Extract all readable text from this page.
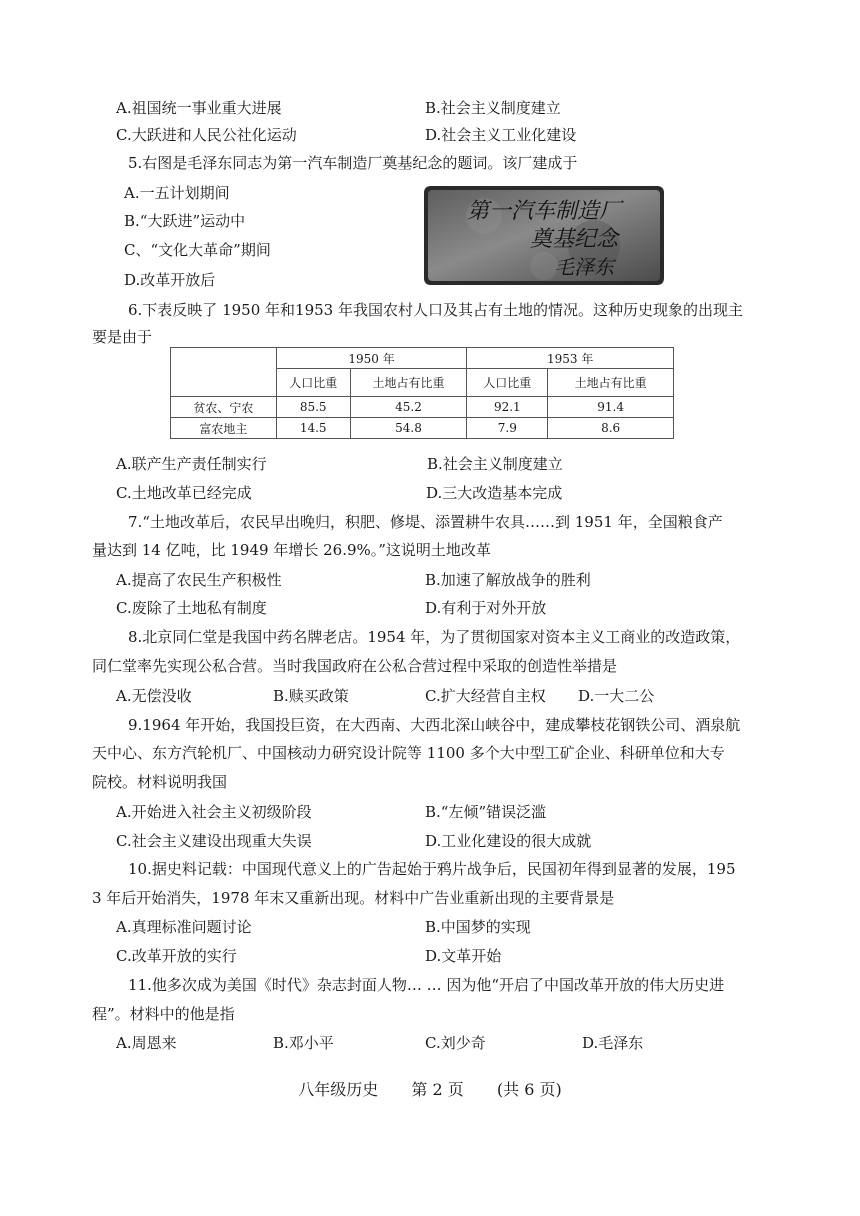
A.祖国统一事业重大进展	B.社会主义制度建立
C.大跃进和人民公社化运动	D.社会主义工业化建设
5.右图是毛泽东同志为第一汽车制造厂奠基纪念的题词。该厂建成于
A.一五计划期间
B.“大跃进”运动中
C、“文化大革命”期间
D.改革开放后
第一汽车制造厂
奠基纪念
毛泽东
6.下表反映了 1950 年和1953 年我国农村人口及其占有土地的情况。这种历史现象的出现主
要是由于
	1950 年		1953 年	
	人口比重	土地占有比重	人口比重	土地占有比重
贫农、宁农	85.5	45.2	92.1	91.4
富农地主	14.5	54.8	7.9	8.6
A.联产生产责任制实行	B.社会主义制度建立
C.土地改革已经完成	D.三大改造基本完成
7.“土地改革后，农民早出晚归，积肥、修堤、添置耕牛农具……到 1951 年，全国粮食产
量达到 14 亿吨，比 1949 年增长 26.9%。”这说明土地改革
A.提高了农民生产积极性	B.加速了解放战争的胜利
C.废除了土地私有制度	D.有利于对外开放
8.北京同仁堂是我国中药名牌老店。1954 年，为了贯彻国家对资本主义工商业的改造政策，
同仁堂率先实现公私合营。当时我国政府在公私合营过程中采取的创造性举措是
A.无偿没收	B.赎买政策	C.扩大经营自主权 D.一大二公
9.1964 年开始，我国投巨资，在大西南、大西北深山峡谷中，建成攀枝花钢铁公司、酒泉航
天中心、东方汽轮机厂、中国核动力研究设计院等 1100 多个大中型工矿企业、科研单位和大专
院校。材料说明我国
A.开始进入社会主义初级阶段	B.“左倾”错误泛滥
C.社会主义建设出现重大失误	D.工业化建设的很大成就
10.据史料记载：中国现代意义上的广告起始于鸦片战争后，民国初年得到显著的发展，195
3 年后开始消失，1978 年末又重新出现。材料中广告业重新出现的主要背景是
A.真理标准问题讨论	B.中国梦的实现
C.改革开放的实行	D.文革开始
11.他多次成为美国《时代》杂志封面人物… … 因为他“开启了中国改革开放的伟大历史进
程”。材料中的他是指
A.周恩来	B.邓小平	C.刘少奇	D.毛泽东
八年级历史 第 2 页 (共 6 页)
